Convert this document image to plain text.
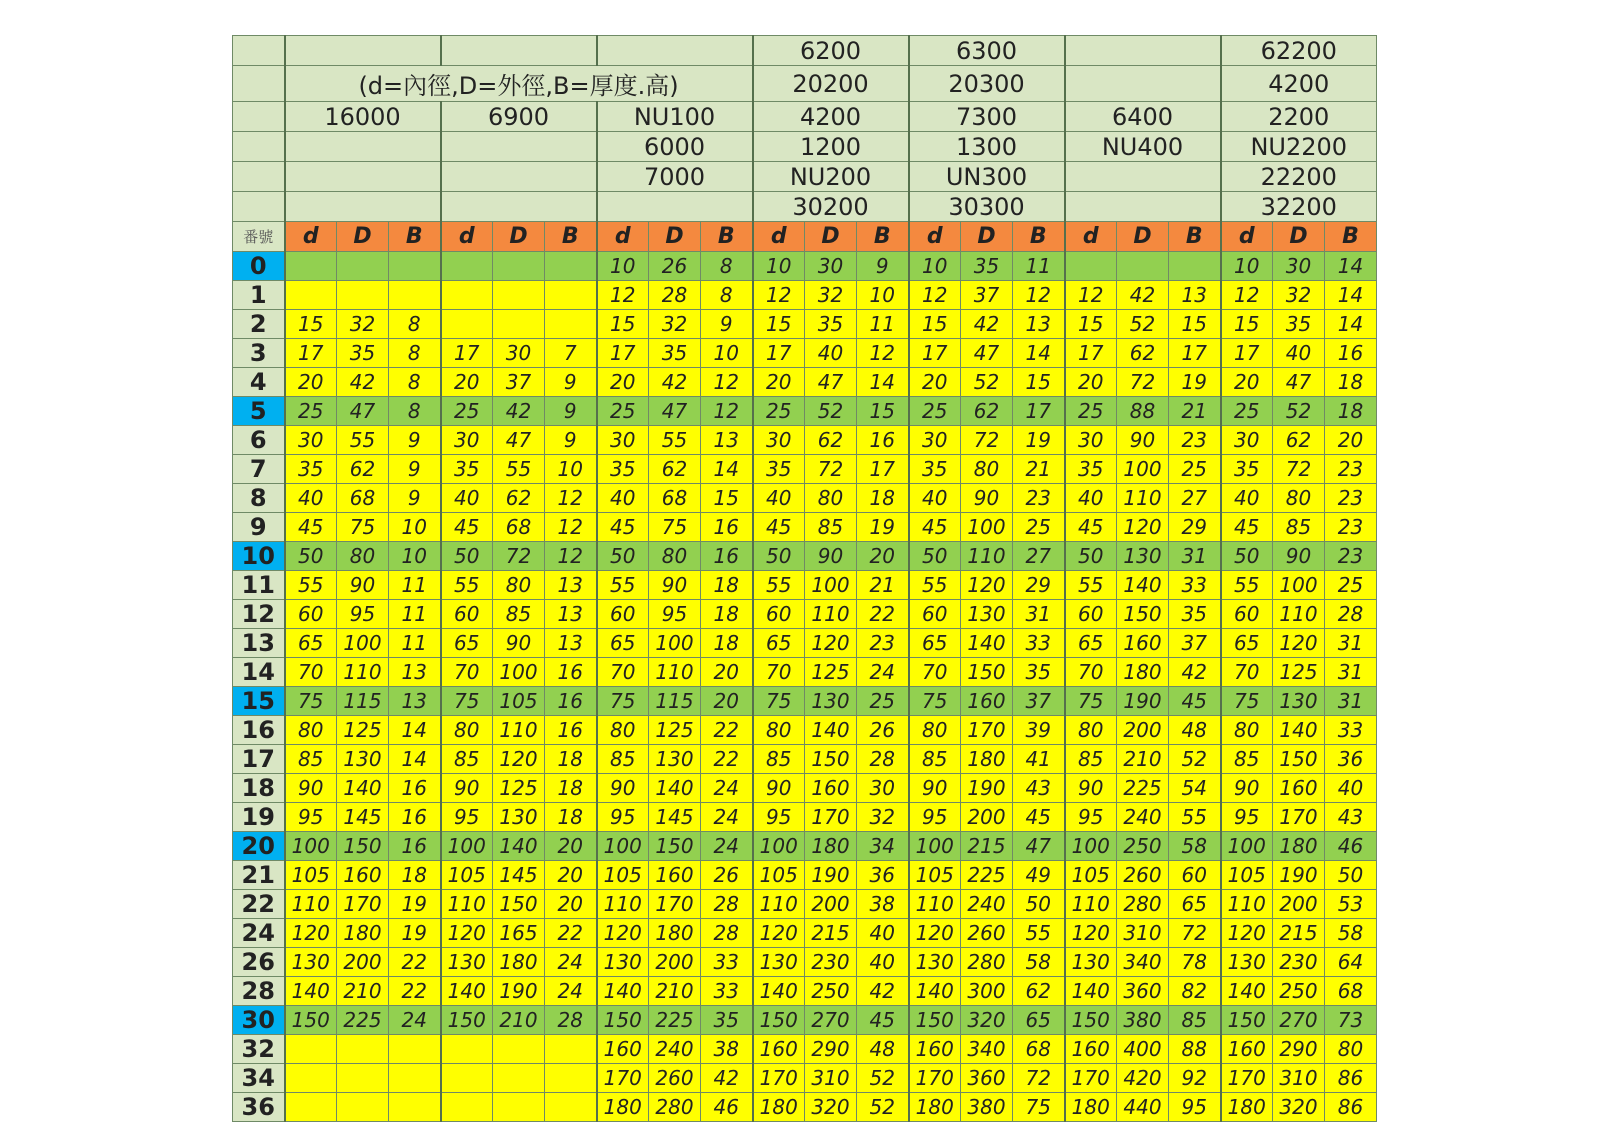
										6200			6300						62200		
	(d=內徑,D=外徑,B=厚度.高)									20200			20300						4200		
	16000			6900			NU100			4200			7300			6400			2200		
							6000			1200			1300			NU400			NU2200		
							7000			NU200			UN300						22200		
										30200			30300						32200		
番號	d	D	B	d	D	B	d	D	B	d	D	B	d	D	B	d	D	B	d	D	B
0							10	26	8	10	30	9	10	35	11				10	30	14
1							12	28	8	12	32	10	12	37	12	12	42	13	12	32	14
2	15	32	8				15	32	9	15	35	11	15	42	13	15	52	15	15	35	14
3	17	35	8	17	30	7	17	35	10	17	40	12	17	47	14	17	62	17	17	40	16
4	20	42	8	20	37	9	20	42	12	20	47	14	20	52	15	20	72	19	20	47	18
5	25	47	8	25	42	9	25	47	12	25	52	15	25	62	17	25	88	21	25	52	18
6	30	55	9	30	47	9	30	55	13	30	62	16	30	72	19	30	90	23	30	62	20
7	35	62	9	35	55	10	35	62	14	35	72	17	35	80	21	35	100	25	35	72	23
8	40	68	9	40	62	12	40	68	15	40	80	18	40	90	23	40	110	27	40	80	23
9	45	75	10	45	68	12	45	75	16	45	85	19	45	100	25	45	120	29	45	85	23
10	50	80	10	50	72	12	50	80	16	50	90	20	50	110	27	50	130	31	50	90	23
11	55	90	11	55	80	13	55	90	18	55	100	21	55	120	29	55	140	33	55	100	25
12	60	95	11	60	85	13	60	95	18	60	110	22	60	130	31	60	150	35	60	110	28
13	65	100	11	65	90	13	65	100	18	65	120	23	65	140	33	65	160	37	65	120	31
14	70	110	13	70	100	16	70	110	20	70	125	24	70	150	35	70	180	42	70	125	31
15	75	115	13	75	105	16	75	115	20	75	130	25	75	160	37	75	190	45	75	130	31
16	80	125	14	80	110	16	80	125	22	80	140	26	80	170	39	80	200	48	80	140	33
17	85	130	14	85	120	18	85	130	22	85	150	28	85	180	41	85	210	52	85	150	36
18	90	140	16	90	125	18	90	140	24	90	160	30	90	190	43	90	225	54	90	160	40
19	95	145	16	95	130	18	95	145	24	95	170	32	95	200	45	95	240	55	95	170	43
20	100	150	16	100	140	20	100	150	24	100	180	34	100	215	47	100	250	58	100	180	46
21	105	160	18	105	145	20	105	160	26	105	190	36	105	225	49	105	260	60	105	190	50
22	110	170	19	110	150	20	110	170	28	110	200	38	110	240	50	110	280	65	110	200	53
24	120	180	19	120	165	22	120	180	28	120	215	40	120	260	55	120	310	72	120	215	58
26	130	200	22	130	180	24	130	200	33	130	230	40	130	280	58	130	340	78	130	230	64
28	140	210	22	140	190	24	140	210	33	140	250	42	140	300	62	140	360	82	140	250	68
30	150	225	24	150	210	28	150	225	35	150	270	45	150	320	65	150	380	85	150	270	73
32							160	240	38	160	290	48	160	340	68	160	400	88	160	290	80
34							170	260	42	170	310	52	170	360	72	170	420	92	170	310	86
36							180	280	46	180	320	52	180	380	75	180	440	95	180	320	86
